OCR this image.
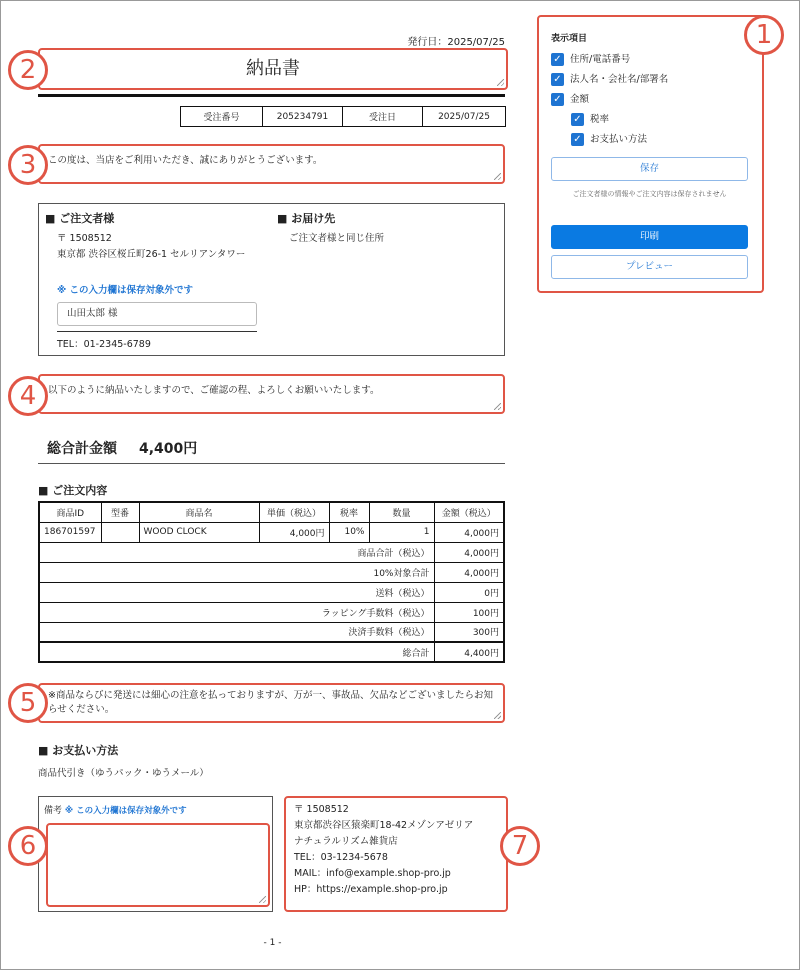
発行日：2025/07/25
納品書
受注番号	205234791	受注日	2025/07/25
この度は、当店をご利用いただき、誠にありがとうございます。
■ ご注文者様
〒 1508512
東京都 渋谷区桜丘町26-1 セルリアンタワー
※ この入力欄は保存対象外です
山田太郎 様
TEL：01-2345-6789
■ お届け先
ご注文者様と同じ住所
以下のように納品いたしますので、ご確認の程、よろしくお願いいたします。
総合計金額 4,400円
■ ご注文内容
商品ID	型番	商品名	単価（税込）	税率	数量	金額（税込）
186701597		WOOD CLOCK	4,000円	10%	1	4,000円
商品合計（税込）						4,000円
10%対象合計						4,000円
送料（税込）						0円
ラッピング手数料（税込）						100円
決済手数料（税込）						300円
総合計						4,400円
※商品ならびに発送には細心の注意を払っておりますが、万が一、事故品、欠品などございましたらお知らせください。
■ お支払い方法
商品代引き（ゆうパック・ゆうメール）
備考 ※ この入力欄は保存対象外です	〒 1508512
東京都渋谷区猿楽町18-42メゾンアゼリア
ナチュラルリズム雑貨店
TEL：03-1234-5678
MAIL：info@example.shop-pro.jp
HP：https://example.shop-pro.jp
- 1 -
表示項目
✓ 住所/電話番号
✓ 法人名・会社名/部署名
✓ 金額
✓ 税率
✓ お支払い方法
保存
ご注文者様の情報やご注文内容は保存されません
印刷
プレビュー
1
2
3
4
5
6	7
